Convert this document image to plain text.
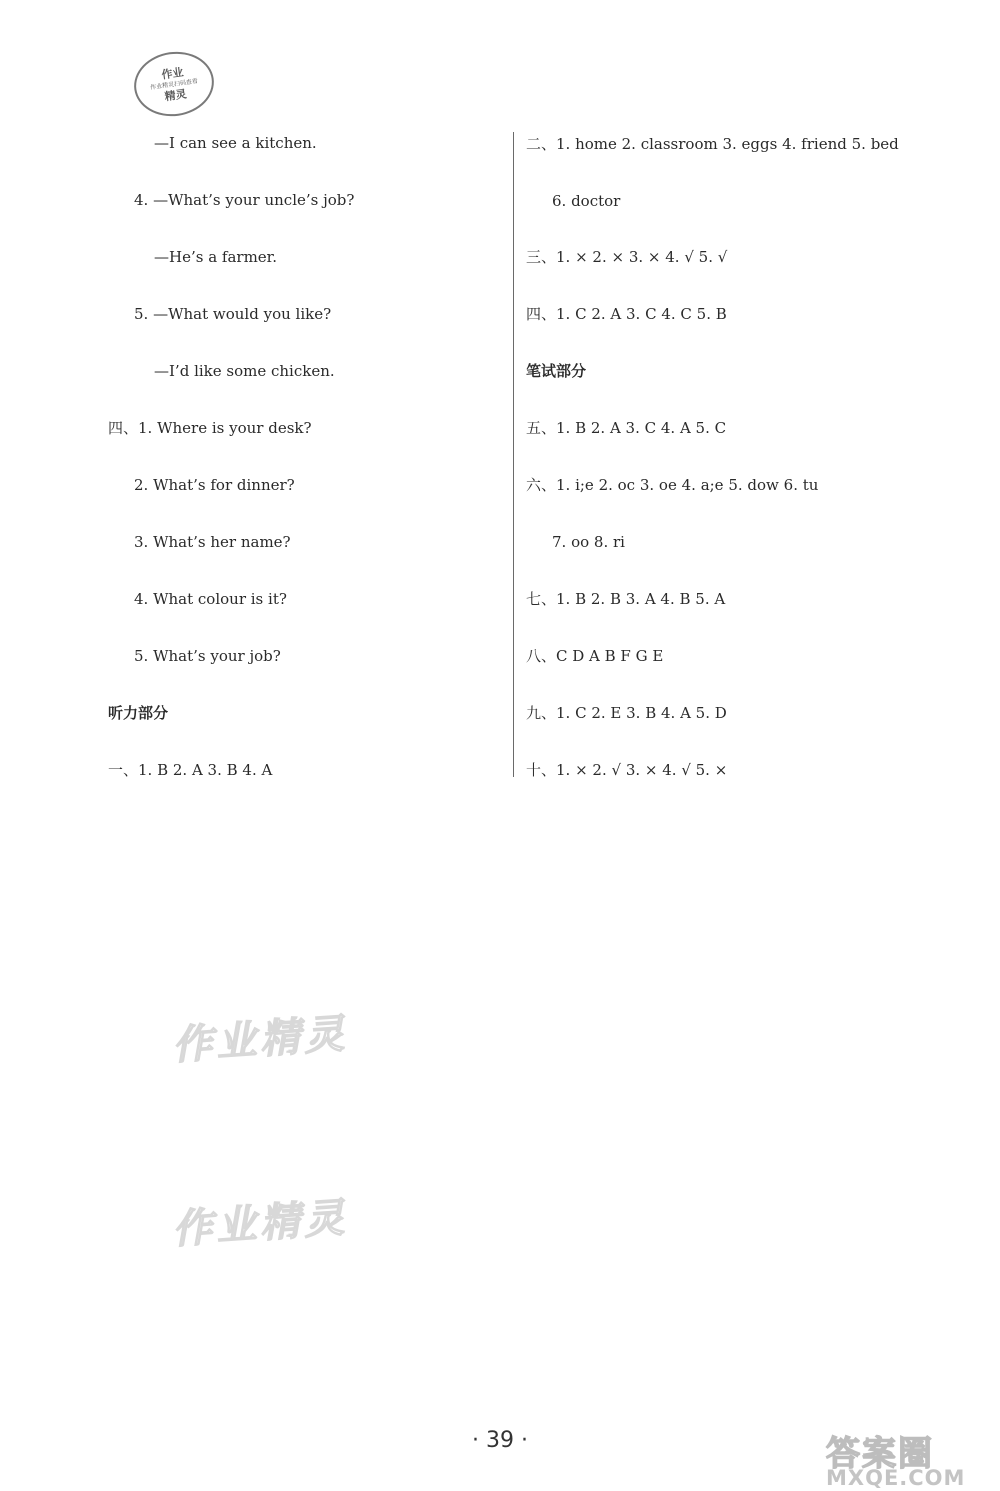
作业
作业精灵扫码查看
精灵
—I can see a kitchen.
4. —What’s your uncle’s job?
—He’s a farmer.
5. —What would you like?
—I’d like some chicken.
四、1. Where is your desk?
2. What’s for dinner?
3. What’s her name?
4. What colour is it?
5. What’s your job?
听力部分
一、1. B 2. A 3. B 4. A
二、1. home 2. classroom 3. eggs 4. friend 5. bed
6. doctor
三、1. × 2. × 3. × 4. √ 5. √
四、1. C 2. A 3. C 4. C 5. B
笔试部分
五、1. B 2. A 3. C 4. A 5. C
六、1. i;e 2. oc 3. oe 4. a;e 5. dow 6. tu
7. oo 8. ri
七、1. B 2. B 3. A 4. B 5. A
八、C D A B F G E
九、1. C 2. E 3. B 4. A 5. D
十、1. × 2. √ 3. × 4. √ 5. ×
作业精灵
作业精灵
· 39 ·	答案圈
MXQE.COM
